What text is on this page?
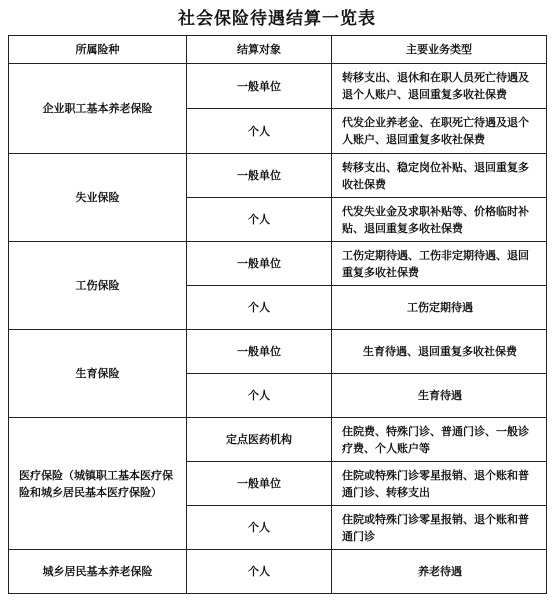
社会保险待遇结算一览表
所属险种	结算对象	主要业务类型
企业职工基本养老保险	一般单位	转移支出、退休和在职人员死亡待遇及退个人账户、退回重复多收社保费
	个人	代发企业养老金、在职死亡待遇及退个人账户、退回重复多收社保费
失业保险	一般单位	转移支出、稳定岗位补贴、退回重复多收社保费
	个人	代发失业金及求职补贴等、价格临时补贴、退回重复多收社保费
工伤保险	一般单位	工伤定期待遇、工伤非定期待遇、退回重复多收社保费
	个人	工伤定期待遇
生育保险	一般单位	生育待遇、退回重复多收社保费
	个人	生育待遇
医疗保险（城镇职工基本医疗保险和城乡居民基本医疗保险）	定点医药机构	住院费、特殊门诊、普通门诊、一般诊疗费、个人账户等
	一般单位	住院或特殊门诊零星报销、退个账和普通门诊、转移支出
	个人	住院或特殊门诊零星报销、退个账和普通门诊
城乡居民基本养老保险	个人	养老待遇
